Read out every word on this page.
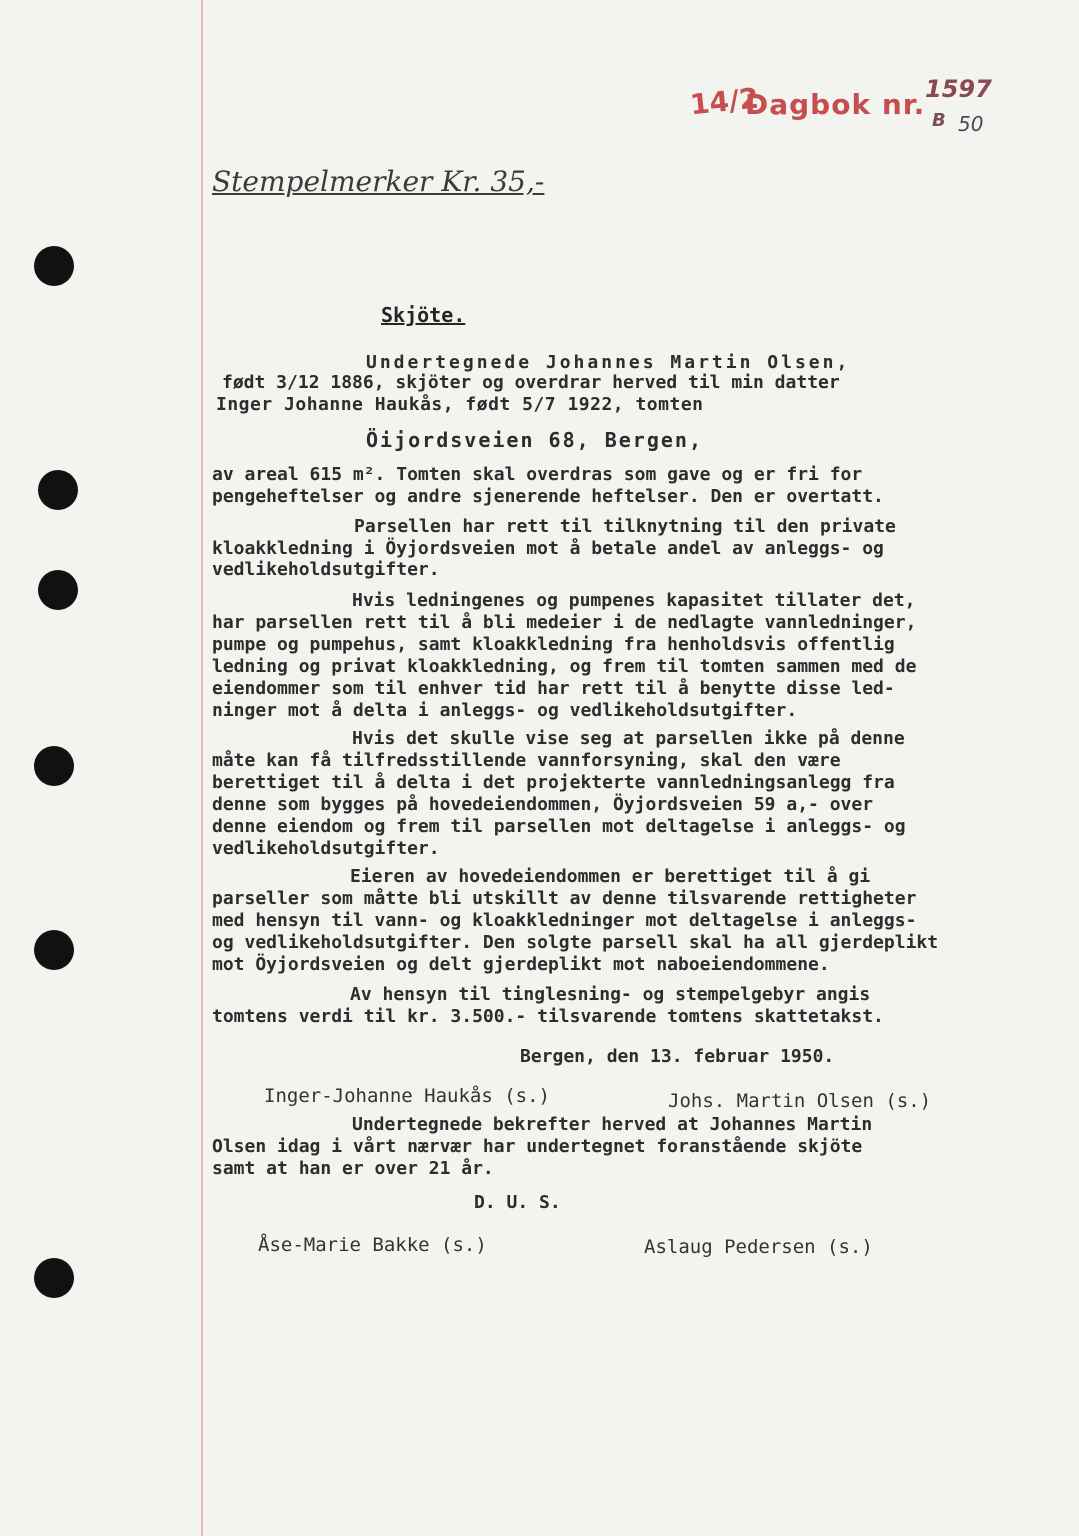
14/2
Dagbok nr. 1597
B 50
Stempelmerker Kr. 35,-
Skjöte.
Undertegnede Johannes Martin Olsen,
født 3/12 1886, skjöter og overdrar herved til min datter
Inger Johanne Haukås, født 5/7 1922, tomten
Öijordsveien 68, Bergen,
av areal 615 m². Tomten skal overdras som gave og er fri for
pengeheftelser og andre sjenerende heftelser. Den er overtatt.
Parsellen har rett til tilknytning til den private
kloakkledning i Öyjordsveien mot å betale andel av anleggs- og
vedlikeholdsutgifter.
Hvis ledningenes og pumpenes kapasitet tillater det,
har parsellen rett til å bli medeier i de nedlagte vannledninger,
pumpe og pumpehus, samt kloakkledning fra henholdsvis offentlig
ledning og privat kloakkledning, og frem til tomten sammen med de
eiendommer som til enhver tid har rett til å benytte disse led-
ninger mot å delta i anleggs- og vedlikeholdsutgifter.
Hvis det skulle vise seg at parsellen ikke på denne
måte kan få tilfredsstillende vannforsyning, skal den være
berettiget til å delta i det projekterte vannledningsanlegg fra
denne som bygges på hovedeiendommen, Öyjordsveien 59 a,- over
denne eiendom og frem til parsellen mot deltagelse i anleggs- og
vedlikeholdsutgifter.
Eieren av hovedeiendommen er berettiget til å gi
parseller som måtte bli utskillt av denne tilsvarende rettigheter
med hensyn til vann- og kloakkledninger mot deltagelse i anleggs-
og vedlikeholdsutgifter. Den solgte parsell skal ha all gjerdeplikt
mot Öyjordsveien og delt gjerdeplikt mot naboeiendommene.
Av hensyn til tinglesning- og stempelgebyr angis
tomtens verdi til kr. 3.500.- tilsvarende tomtens skattetakst.
Bergen, den 13. februar 1950.
Inger-Johanne Haukås (s.)	Johs. Martin Olsen (s.)
Undertegnede bekrefter herved at Johannes Martin
Olsen idag i vårt nærvær har undertegnet foranstående skjöte
samt at han er over 21 år.
D. U. S.
Åse-Marie Bakke (s.)	Aslaug Pedersen (s.)
